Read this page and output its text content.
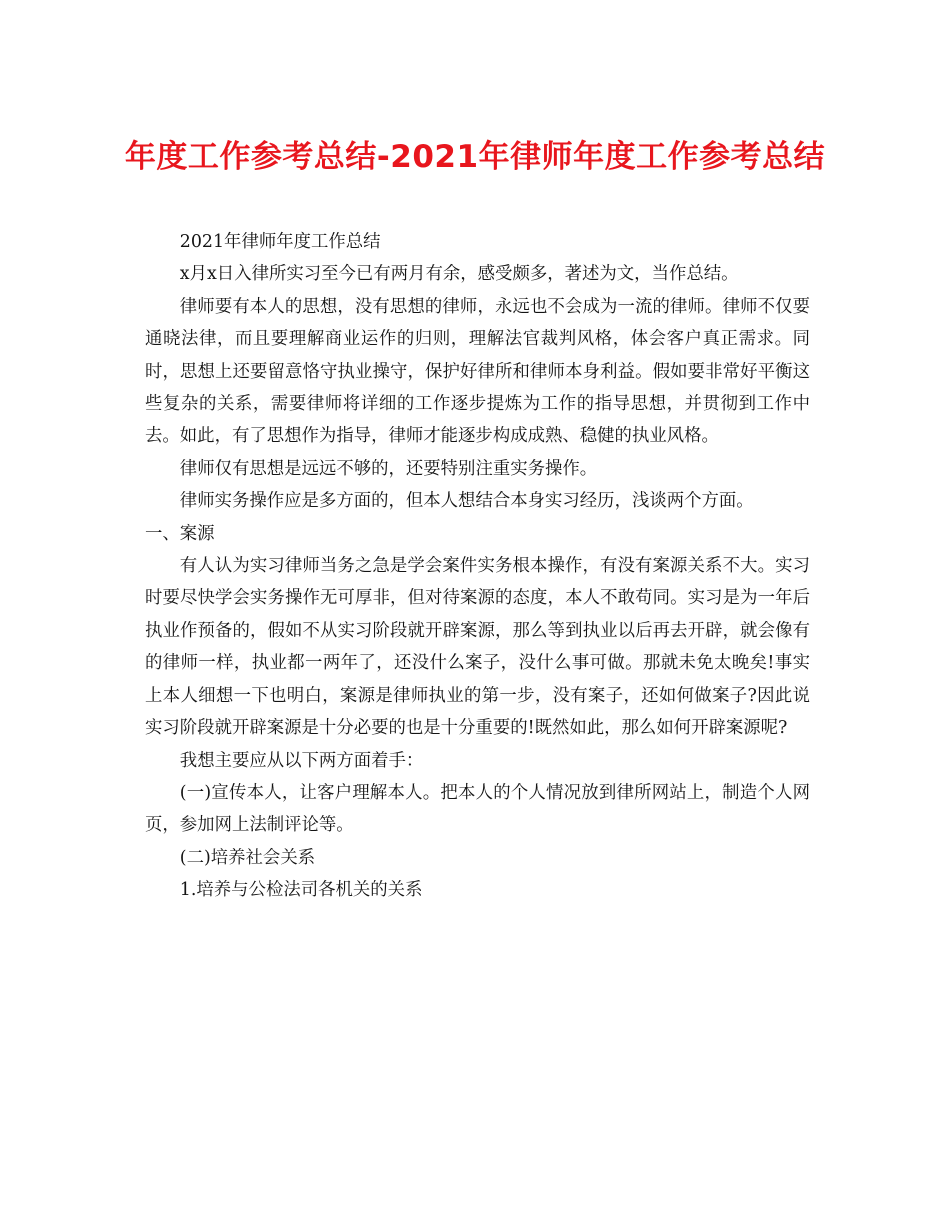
年度工作参考总结-2021年律师年度工作参考总结

2021年律师年度工作总结

x月x日入律所实习至今已有两月有余，感受颇多，著述为文，当作总结。

律师要有本人的思想，没有思想的律师，永远也不会成为一流的律师。律师不仅要通晓法律，而且要理解商业运作的归则，理解法官裁判风格，体会客户真正需求。同时，思想上还要留意恪守执业操守，保护好律所和律师本身利益。假如要非常好平衡这些复杂的关系，需要律师将详细的工作逐步提炼为工作的指导思想，并贯彻到工作中去。如此，有了思想作为指导，律师才能逐步构成成熟、稳健的执业风格。

律师仅有思想是远远不够的，还要特别注重实务操作。

律师实务操作应是多方面的，但本人想结合本身实习经历，浅谈两个方面。

一、案源

有人认为实习律师当务之急是学会案件实务根本操作，有没有案源关系不大。实习时要尽快学会实务操作无可厚非，但对待案源的态度，本人不敢苟同。实习是为一年后执业作预备的，假如不从实习阶段就开辟案源，那么等到执业以后再去开辟，就会像有的律师一样，执业都一两年了，还没什么案子，没什么事可做。那就未免太晚矣!事实上本人细想一下也明白，案源是律师执业的第一步，没有案子，还如何做案子?因此说实习阶段就开辟案源是十分必要的也是十分重要的!既然如此，那么如何开辟案源呢?

我想主要应从以下两方面着手：

(一)宣传本人，让客户理解本人。把本人的个人情况放到律所网站上，制造个人网页，参加网上法制评论等。

(二)培养社会关系

1.培养与公检法司各机关的关系
